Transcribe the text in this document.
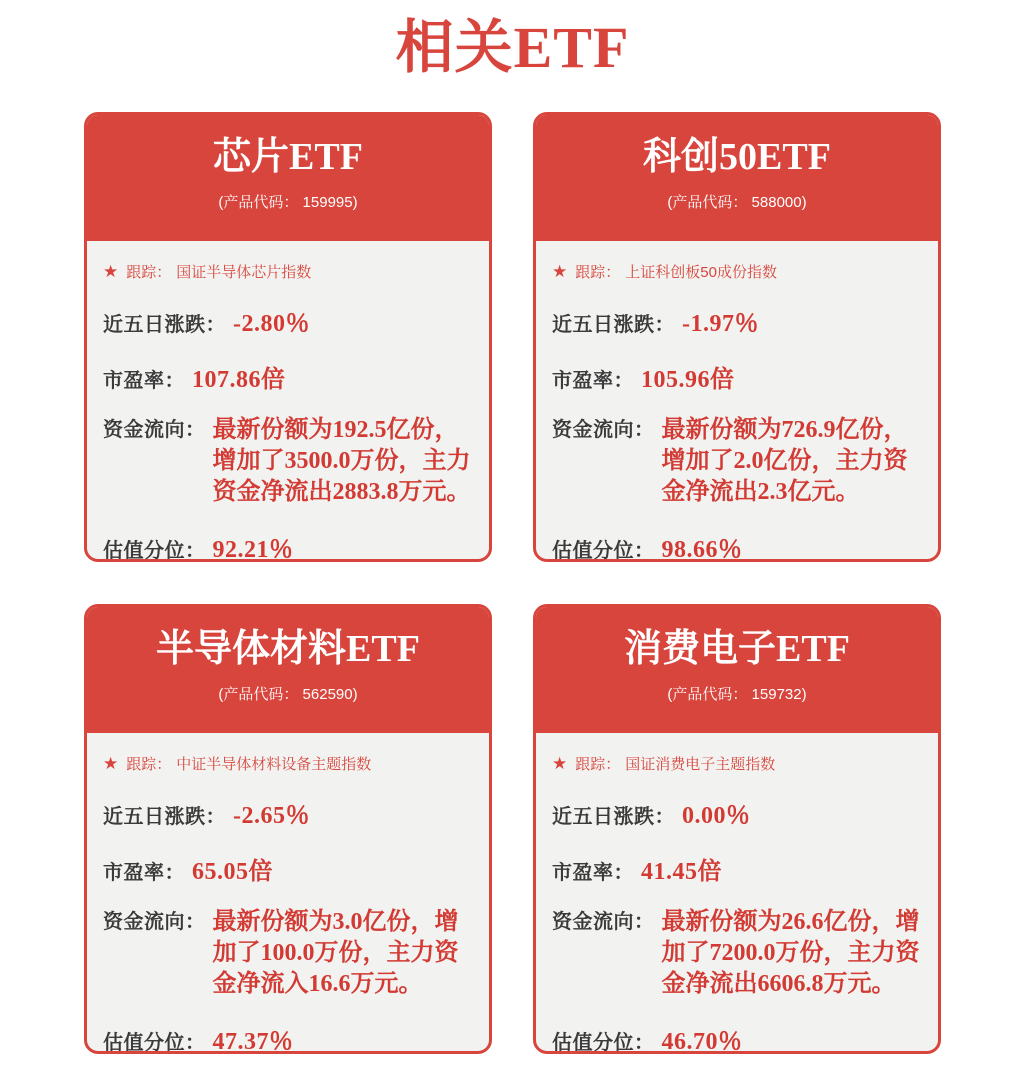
相关ETF
芯片ETF
(产品代码： 159995)
★ 跟踪： 国证半导体芯片指数
近五日涨跌： -2.80％
市盈率： 107.86倍
资金流向： 最新份额为192.5亿份，增加了3500.0万份，主力资金净流出2883.8万元。
估值分位： 92.21％
科创50ETF
(产品代码： 588000)
★ 跟踪： 上证科创板50成份指数
近五日涨跌： -1.97％
市盈率： 105.96倍
资金流向： 最新份额为726.9亿份，增加了2.0亿份，主力资金净流出2.3亿元。
估值分位： 98.66％
半导体材料ETF
(产品代码： 562590)
★ 跟踪： 中证半导体材料设备主题指数
近五日涨跌： -2.65％
市盈率： 65.05倍
资金流向： 最新份额为3.0亿份，增加了100.0万份，主力资金净流入16.6万元。
估值分位： 47.37％
消费电子ETF
(产品代码： 159732)
★ 跟踪： 国证消费电子主题指数
近五日涨跌： 0.00％
市盈率： 41.45倍
资金流向： 最新份额为26.6亿份，增加了7200.0万份，主力资金净流出6606.8万元。
估值分位： 46.70％
